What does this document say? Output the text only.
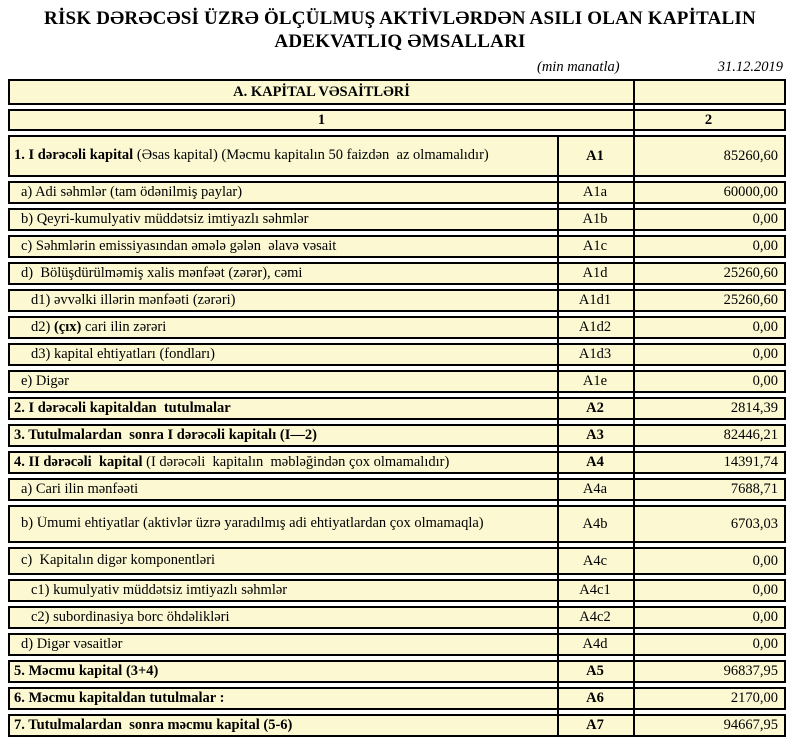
RİSK DƏRƏCƏSİ ÜZRƏ ÖLÇÜLMUŞ AKTİVLƏRDƏN ASILI OLAN KAPİTALIN
ADEKVATLIQ ƏMSALLARI
(min manatla)	31.12.2019
A. KAPİTAL VƏSAİTLƏRİ
1	2
1. I dərəcəli kapital (Əsas kapital) (Məcmu kapitalın 50 faizdən  az olmamalıdır)	A1	85260,60
a) Adi səhmlər (tam ödənilmiş paylar)	A1a	60000,00
b) Qeyri-kumulyativ müddətsiz imtiyazlı səhmlər	A1b	0,00
c) Səhmlərin emissiyasından əmələ gələn  əlavə vəsait	A1c	0,00
d)  Bölüşdürülməmiş xalis mənfəət (zərər), cəmi	A1d	25260,60
d1) əvvəlki illərin mənfəəti (zərəri)	A1d1	25260,60
d2) (çıx) cari ilin zərəri	A1d2	0,00
d3) kapital ehtiyatları (fondları)	A1d3	0,00
e) Digər	A1e	0,00
2. I dərəcəli kapitaldan  tutulmalar	A2	2814,39
3. Tutulmalardan  sonra I dərəcəli kapitalı (I—2)	A3	82446,21
4. II dərəcəli  kapital (I dərəcəli  kapitalın  məbləğindən çox olmamalıdır)	A4	14391,74
a) Cari ilin mənfəəti	A4a	7688,71
b) Ümumi ehtiyatlar (aktivlər üzrə yaradılmış adi ehtiyatlardan çox olmamaqla)	A4b	6703,03
c)  Kapitalın digər komponentləri	A4c	0,00
c1) kumulyativ müddətsiz imtiyazlı səhmlər	A4c1	0,00
c2) subordinasiya borc öhdəlikləri	A4c2	0,00
d) Digər vəsaitlər	A4d	0,00
5. Məcmu kapital (3+4)	A5	96837,95
6. Məcmu kapitaldan tutulmalar :	A6	2170,00
7. Tutulmalardan  sonra məcmu kapital (5-6)	A7	94667,95
